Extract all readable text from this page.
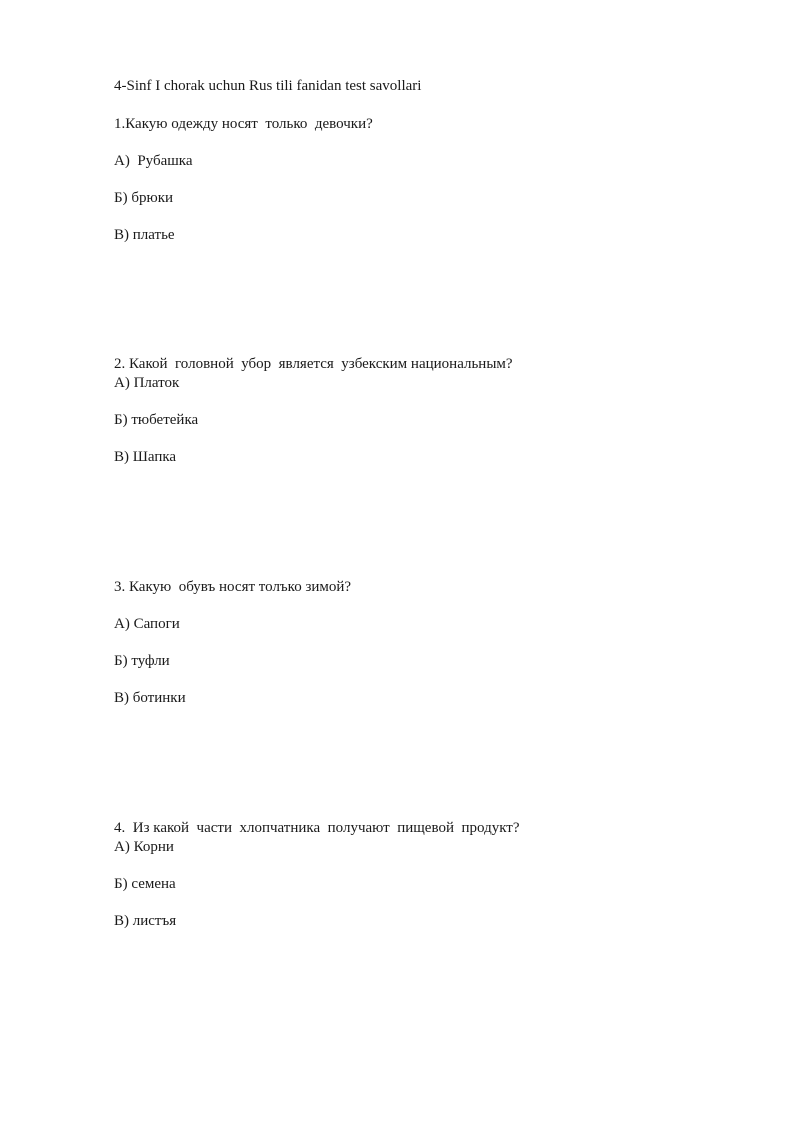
4-Sinf I chorak uchun Rus tili fanidan test savollari
1.Какую одежду носят  только  девочки?
А)  Рубашка
Б) брюки
В) платье
2. Какой  головной  убор  является  узбекским национальным?
А) Платок
Б) тюбетейка
В) Шапка
3. Какую  обувъ носят толъко зимой?
А) Сапоги
Б) туфли
В) ботинки
4.  Из какой  части  хлопчатника  получают  пищевой  продукт?
А) Корни
Б) семена
В) листъя
